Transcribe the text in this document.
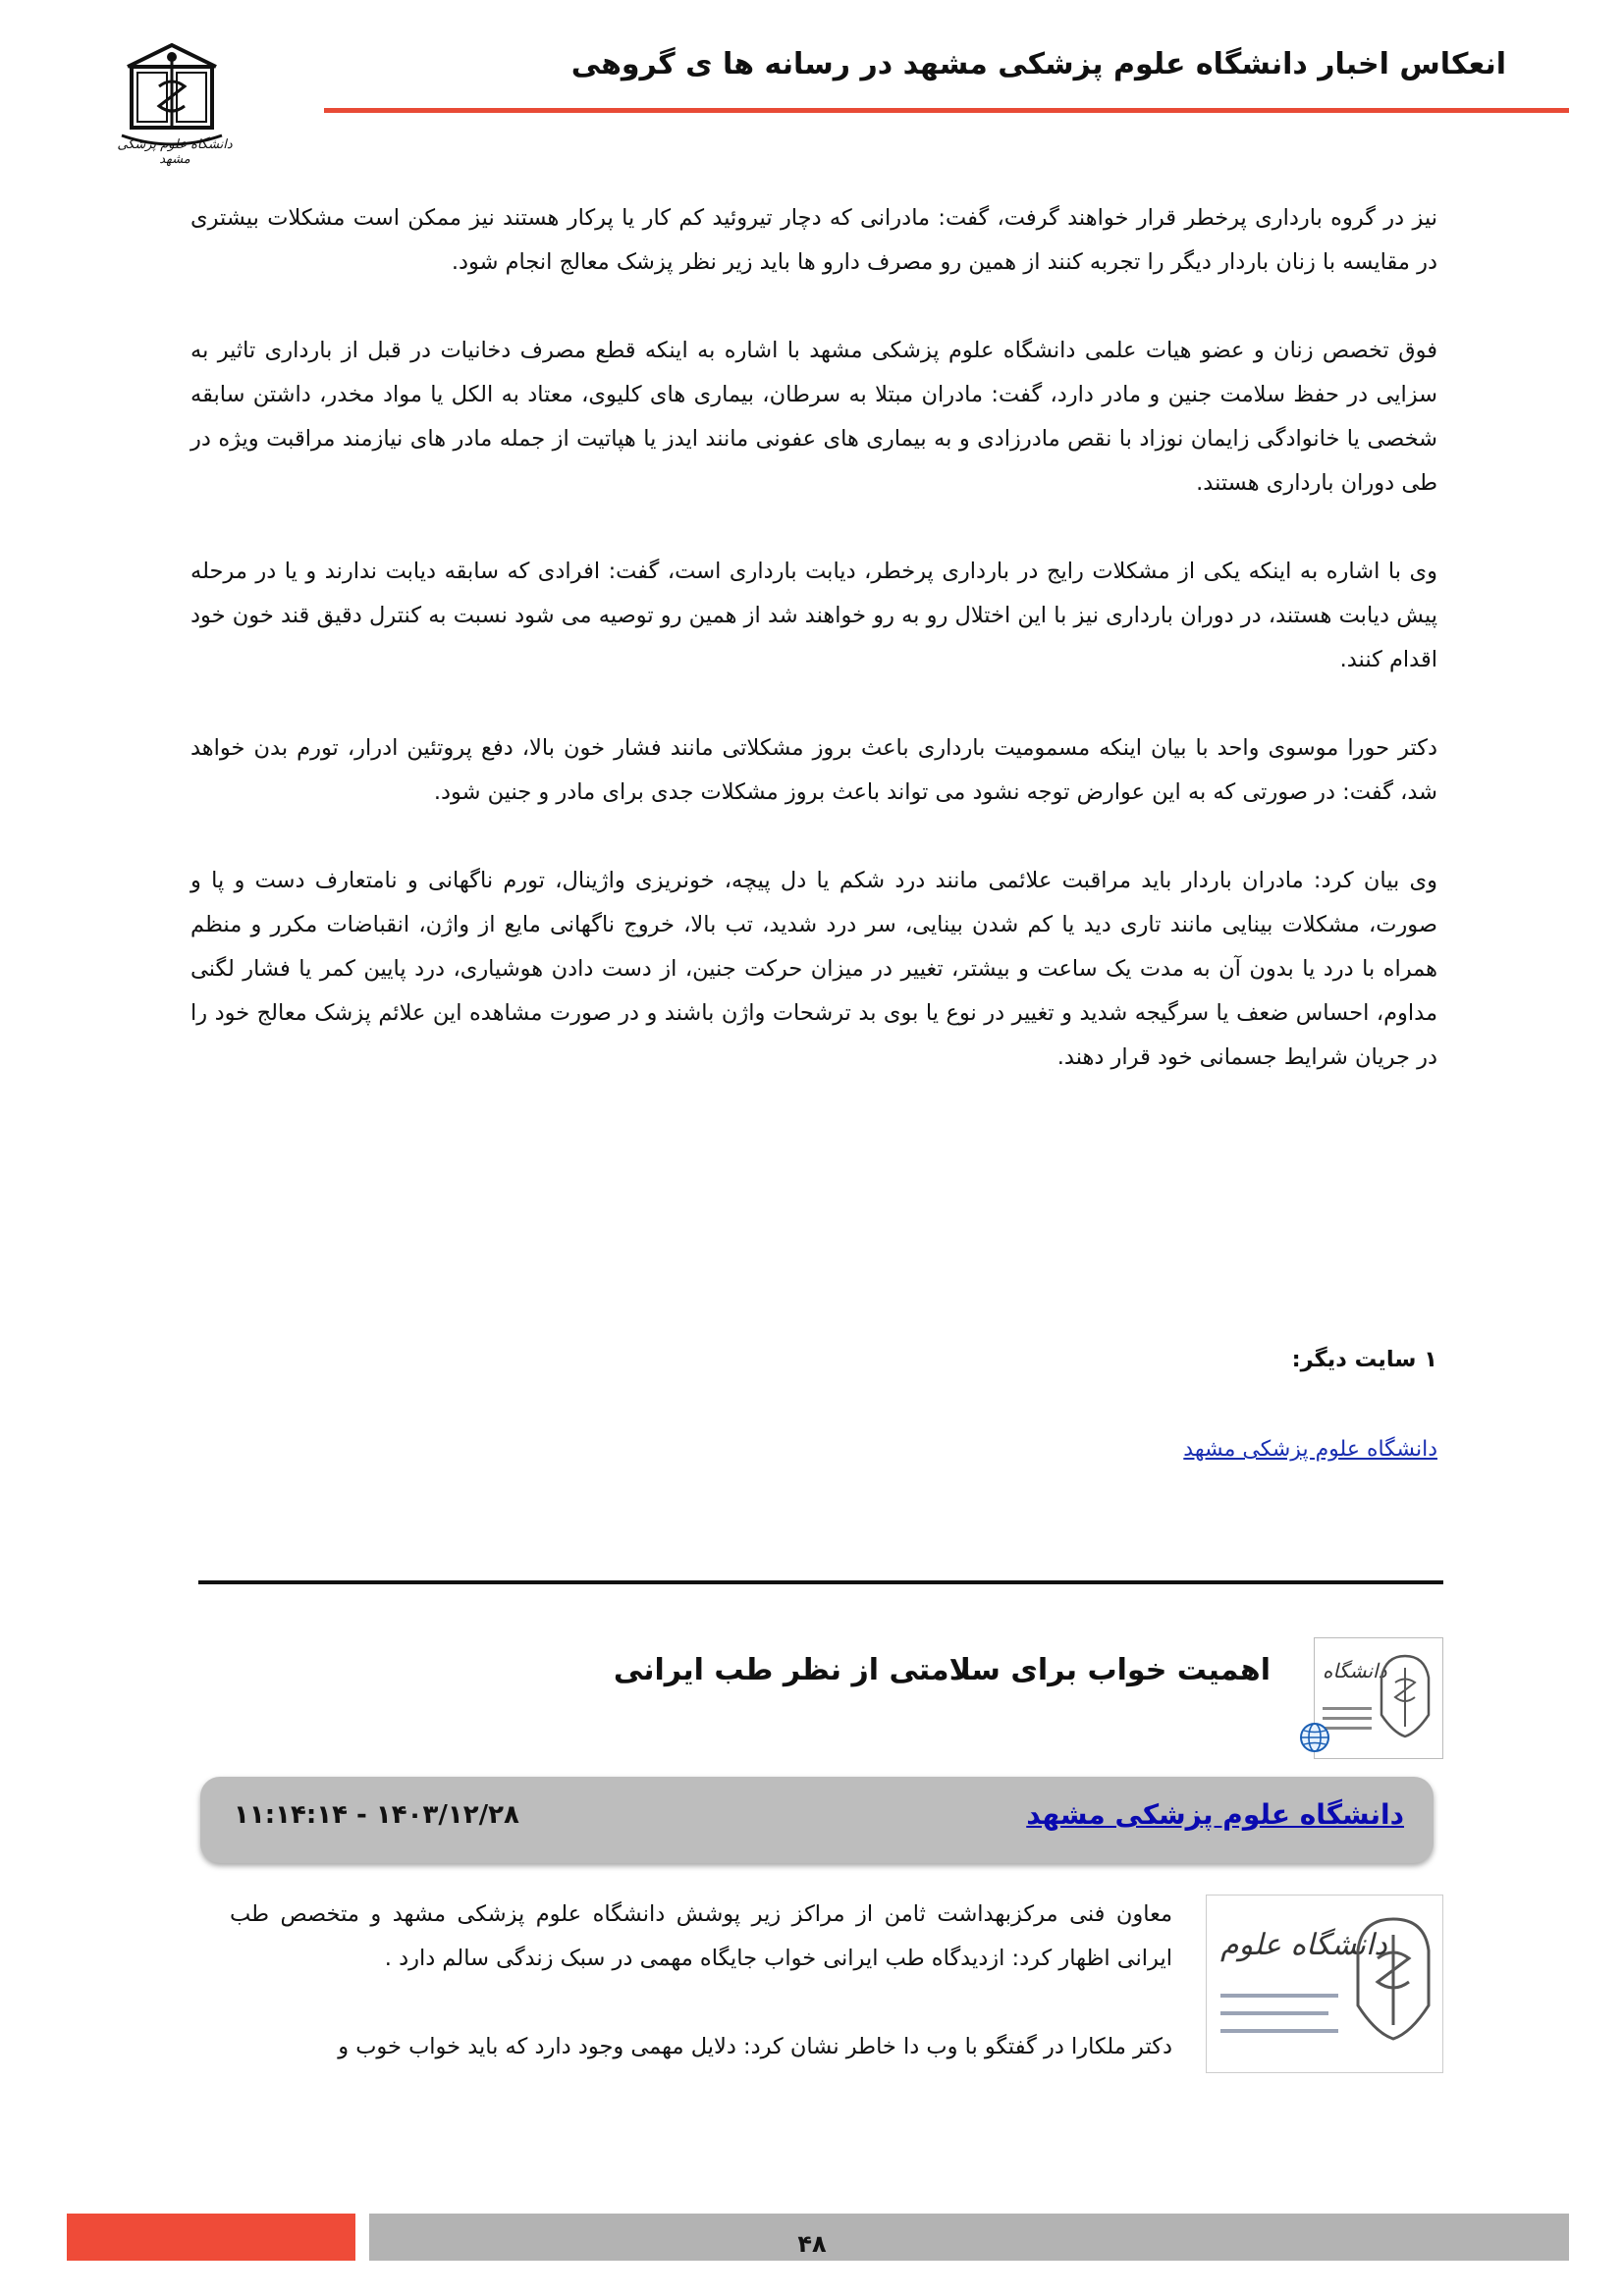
انعکاس اخبار دانشگاه علوم پزشکی مشهد در رسانه ها ی گروهی
دانشگاه علوم پزشکی مشهد

نیز در گروه بارداری پرخطر قرار خواهند گرفت، گفت: مادرانی که دچار تیروئید کم کار یا پرکار هستند نیز ممکن است مشکلات بیشتری در مقایسه با زنان باردار دیگر را تجربه کنند از همین رو مصرف دارو ها باید زیر نظر پزشک معالج انجام شود.

فوق تخصص زنان و عضو هیات علمی دانشگاه علوم پزشکی مشهد با اشاره به اینکه قطع مصرف دخانیات در قبل از بارداری تاثیر به سزایی در حفظ سلامت جنین و مادر دارد، گفت: مادران مبتلا به سرطان، بیماری های کلیوی، معتاد به الکل یا مواد مخدر، داشتن سابقه شخصی یا خانوادگی زایمان نوزاد با نقص مادرزادی و به بیماری های عفونی مانند ایدز یا هپاتیت از جمله مادر های نیازمند مراقبت ویژه در طی دوران بارداری هستند.

وی با اشاره به اینکه یکی از مشکلات رایج در بارداری پرخطر، دیابت بارداری است، گفت: افرادی که سابقه دیابت ندارند و یا در مرحله پیش دیابت هستند، در دوران بارداری نیز با این اختلال رو به رو خواهند شد از همین رو توصیه می شود نسبت به کنترل دقیق قند خون خود اقدام کنند.

دکتر حورا موسوی واحد با بیان اینکه مسمومیت بارداری باعث بروز مشکلاتی مانند فشار خون بالا، دفع پروتئین ادرار، تورم بدن خواهد شد، گفت: در صورتی که به این عوارض توجه نشود می تواند باعث بروز مشکلات جدی برای مادر و جنین شود.

وی بیان کرد: مادران باردار باید مراقبت علائمی مانند درد شکم یا دل پیچه، خونریزی واژینال، تورم ناگهانی و نامتعارف دست و پا و صورت، مشکلات بینایی مانند تاری دید یا کم شدن بینایی، سر درد شدید، تب بالا، خروج ناگهانی مایع از واژن، انقباضات مکرر و منظم همراه با درد یا بدون آن به مدت یک ساعت و بیشتر، تغییر در میزان حرکت جنین، از دست دادن هوشیاری، درد پایین کمر یا فشار لگنی مداوم، احساس ضعف یا سرگیجه شدید و تغییر در نوع یا بوی بد ترشحات واژن باشند و در صورت مشاهده این علائم پزشک معالج خود را در جریان شرایط جسمانی خود قرار دهند.

۱ سایت دیگر:
دانشگاه علوم پزشکی مشهد
اهمیت خواب برای سلامتی از نظر طب ایرانی	دانشگاه
دانشگاه علوم پزشکی مشهد
۱۱:۱۴:۱۴ - ۱۴۰۳/۱۲/۲۸
دانشگاه علوم

معاون فنی مرکزبهداشت ثامن از مراکز زیر پوشش دانشگاه علوم پزشکی مشهد و متخصص طب ایرانی اظهار کرد: ازدیدگاه طب ایرانی خواب جایگاه مهمی در سبک زندگی سالم دارد .

دکتر ملکارا در گفتگو با وب دا خاطر نشان کرد: دلایل مهمی وجود دارد که باید خواب خوب و

۴۸
